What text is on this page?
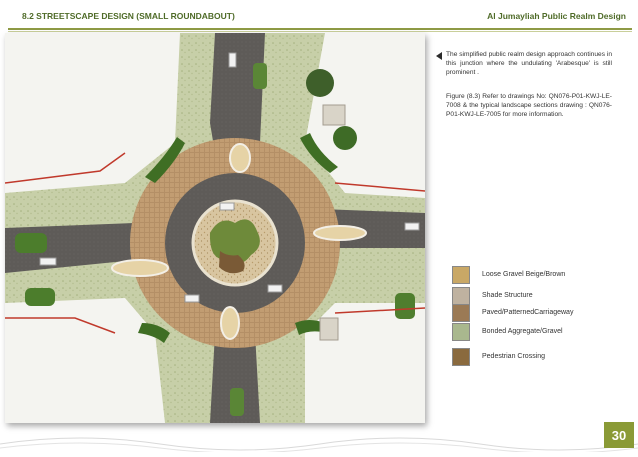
8.2 STREETSCAPE DESIGN (SMALL ROUNDABOUT)	Al Jumayliah Public Realm Design

The simplified public realm design approach continues in this junction where the undulating 'Arabesque' is still prominent .

Figure (8.3) Refer to drawings No: QN076-P01-KWJ-LE-7008 & the typical landscape sections drawing : QN076-P01-KWJ-LE-7005 for more information.

Loose Gravel Beige/Brown
Shade Structure
Paved/PatternedCarriageway
Bonded Aggregate/Gravel
Pedestrian Crossing
30
